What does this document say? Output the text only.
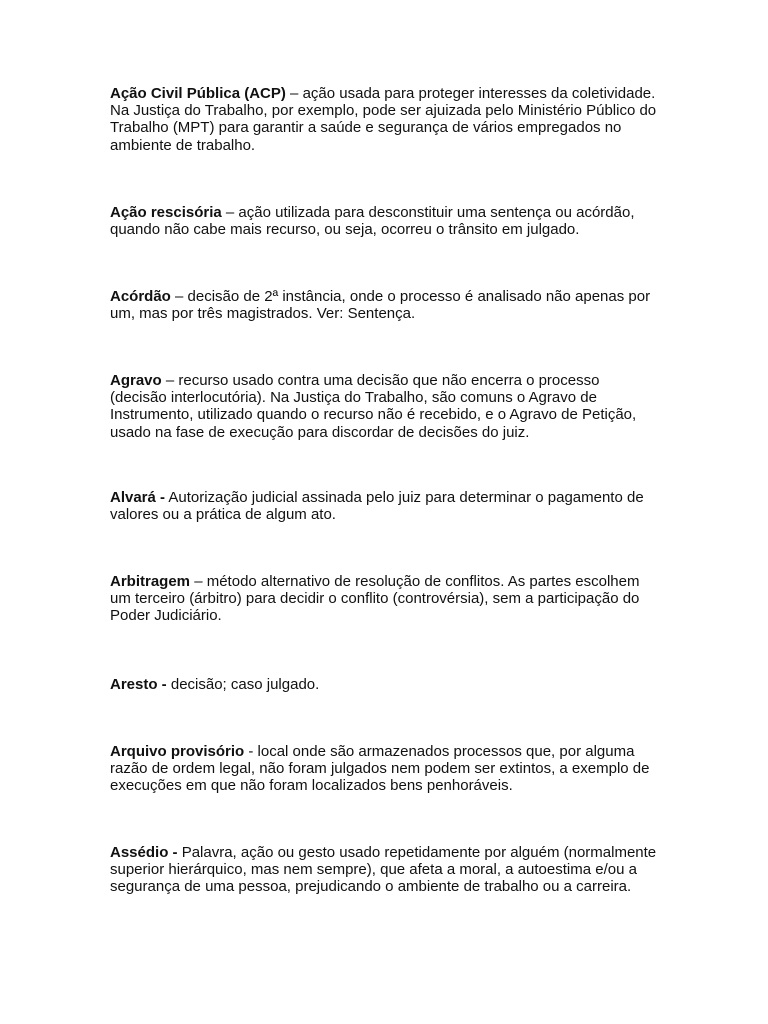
Ação Civil Pública (ACP) – ação usada para proteger interesses da coletividade. Na Justiça do Trabalho, por exemplo, pode ser ajuizada pelo Ministério Público do Trabalho (MPT) para garantir a saúde e segurança de vários empregados no ambiente de trabalho.

Ação rescisória – ação utilizada para desconstituir uma sentença ou acórdão, quando não cabe mais recurso, ou seja, ocorreu o trânsito em julgado.

Acórdão – decisão de 2ª instância, onde o processo é analisado não apenas por um, mas por três magistrados. Ver: Sentença.

Agravo – recurso usado contra uma decisão que não encerra o processo (decisão interlocutória). Na Justiça do Trabalho, são comuns o Agravo de Instrumento, utilizado quando o recurso não é recebido, e o Agravo de Petição, usado na fase de execução para discordar de decisões do juiz.

Alvará - Autorização judicial assinada pelo juiz para determinar o pagamento de valores ou a prática de algum ato.

Arbitragem – método alternativo de resolução de conflitos. As partes escolhem um terceiro (árbitro) para decidir o conflito (controvérsia), sem a participação do Poder Judiciário.

Aresto - decisão; caso julgado.

Arquivo provisório - local onde são armazenados processos que, por alguma razão de ordem legal, não foram julgados nem podem ser extintos, a exemplo de execuções em que não foram localizados bens penhoráveis.

Assédio - Palavra, ação ou gesto usado repetidamente por alguém (normalmente superior hierárquico, mas nem sempre), que afeta a moral, a autoestima e/ou a segurança de uma pessoa, prejudicando o ambiente de trabalho ou a carreira.
